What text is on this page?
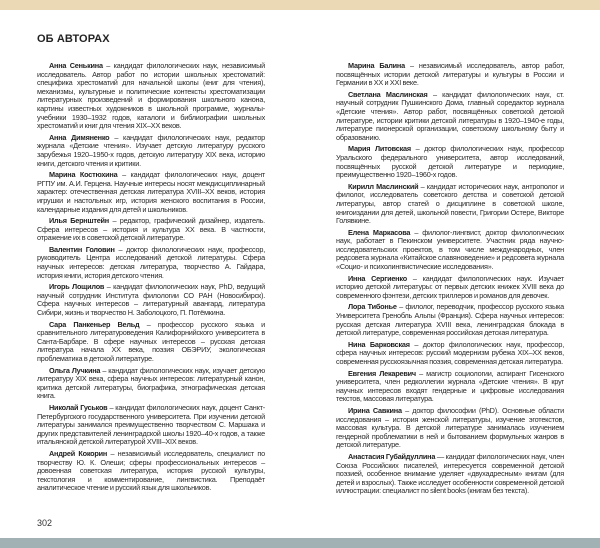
ОБ АВТОРАХ

Анна Сенькина – кандидат филологических наук, независимый исследователь. Автор работ по истории школьных хрестоматий: специфика хрестоматий для начальной школы (книг для чтения), механизмы, культурные и политические контексты хрестоматизации литературных произведений и формирования школьного канона, картины известных художников в школьной программе, журналы-учебники 1930–1932 годов, каталоги и библиографии школьных хрестоматий и книг для чтения XIX–XX веков.

Анна Димяненко – кандидат филологических наук, редактор журнала «Детские чтения». Изучает детскую литературу русского зарубежья 1920–1950-х годов, детскую литературу XIX века, историю книги, детского чтения и критики.

Марина Костюхина – кандидат филологических наук, доцент РГПУ им. А.И. Герцена. Научные интересы носят междисциплинарный характер: отечественная детская литература XVIII–XX веков, история игрушки и настольных игр, история женского воспитания в России, календарные издания для детей и школьников.

Илья Бернштейн – редактор, графический дизайнер, издатель. Сфера интересов – история и культура XX века. В частности, отражение их в советской детской литературе.

Валентин Головин – доктор филологических наук, профессор, руководитель Центра исследований детской литературы. Сфера научных интересов: детская литература, творчество А. Гайдара, история книги, история детского чтения.

Игорь Лощилов – кандидат филологических наук, PhD, ведущий научный сотрудник Института филологии СО РАН (Новосибирск). Сфера научных интересов – литературный авангард, литература Сибири, жизнь и творчество Н. Заболоцкого, П. Потёмкина.

Сара Панкеньер Вельд – профессор русского языка и сравнительного литературоведения Калифорнийского университета в Санта-Барбаре. В сфере научных интересов – русская детская литература начала XX века, поэзия ОБЭРИУ, экологическая проблематика в детской литературе.

Ольга Лучкина – кандидат филологических наук, изучает детскую литературу XIX века, сфера научных интересов: литературный канон, критика детской литературы, биографика, этнографическая детская книга.

Николай Гуськов – кандидат филологических наук, доцент Санкт-Петербургского государственного университета. При изучении детской литературы занимался преимущественно творчеством С. Маршака и других представителей ленинградской школы 1920–40-х годов, а также итальянской детской литературой XVIII–XIX веков.

Андрей Кокорин – независимый исследователь, специалист по творчеству Ю. К. Олеши; сферы профессиональных интересов – довоенная советская литература, история русской культуры, текстология и комментирование, лингвистика. Преподаёт аналитическое чтение и русский язык для школьников.

Марина Балина – независимый исследователь, автор работ, посвящённых истории детской литературы и культуры в России и Германии в XX и XXI веке.

Светлана Маслинская – кандидат филологических наук, ст. научный сотрудник Пушкинского Дома, главный соредактор журнала «Детские чтения». Автор работ, посвящённых советской детской литературе, истории критики детской литературы в 1920–1940-е годы, литературе пионерской организации, советскому школьному быту и образованию.

Мария Литовская – доктор филологических наук, профессор Уральского федерального университета, автор исследований, посвящённых русской детской литературе и периодике, преимущественно 1920–1960-х годов.

Кирилл Маслинский – кандидат исторических наук, антрополог и филолог, исследователь советского детства и советской детской литературы, автор статей о дисциплине в советской школе, книгоиздании для детей, школьной повести, Григории Остере, Викторе Голявкине.

Елена Маркасова – филолог-лингвист, доктор филологических наук, работает в Пекинском университете. Участник ряда научно-исследовательских проектов, в том числе международных, член редсовета журнала «Китайское славяноведение» и редсовета журнала «Социо- и психолингвистические исследования».

Инна Сергиенко – кандидат филологических наук. Изучает историю детской литературы: от первых детских книжек XVIII века до современного фэнтези, детских триллеров и романов для девочек.

Лора Тибонье – филолог, переводчик, профессор русского языка Университета Гренобль Альпы (Франция). Сфера научных интересов: русская детская литература XVIII века, ленинградская блокада в детской литературе, современная российская детская литература.

Нина Барковская – доктор филологических наук, профессор, сфера научных интересов: русский модернизм рубежа XIX–XX веков, современная русскоязычная поэзия, современная детская литература.

Евгения Лекаревич – магистр социологии, аспирант Гисенского университета, член редколлегии журнала «Детские чтения». В круг научных интересов входят гендерные и цифровые исследования текстов, массовая литература.

Ирина Савкина – доктор философии (PhD). Основные области исследования – история женской литературы, изучение эготекстов, массовая культура. В детской литературе занималась изучением гендерной проблематики в ней и бытованием формульных жанров в детской литературе.

Анастасия Губайдуллина — кандидат филологических наук, член Союза Российских писателей, интересуется современной детской поэзией, особенное внимание уделяет «двухадресным» книгам (для детей и взрослых). Также исследует особенности современной детской иллюстрации: специалист по silent books (книгам без текста).

302
